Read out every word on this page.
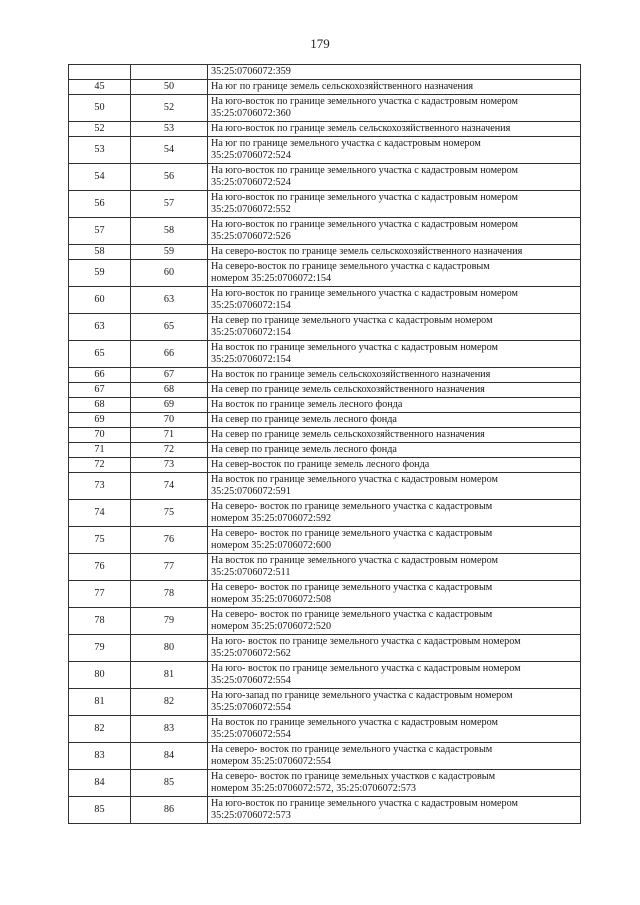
179
		35:25:0706072:359
45	50	На юг по границе земель сельскохозяйственного назначения
50	52	На юго-восток по границе земельного участка с кадастровым номером
35:25:0706072:360
52	53	На юго-восток по границе земель сельскохозяйственного назначения
53	54	На юг по границе земельного участка с кадастровым номером
35:25:0706072:524
54	56	На юго-восток по границе земельного участка с кадастровым номером
35:25:0706072:524
56	57	На юго-восток по границе земельного участка с кадастровым номером
35:25:0706072:552
57	58	На юго-восток по границе земельного участка с кадастровым номером
35:25:0706072:526
58	59	На северо-восток по границе земель сельскохозяйственного назначения
59	60	На северо-восток по границе земельного участка с кадастровым
номером 35:25:0706072:154
60	63	На юго-восток по границе земельного участка с кадастровым номером
35:25:0706072:154
63	65	На север по границе земельного участка с кадастровым номером
35:25:0706072:154
65	66	На восток по границе земельного участка с кадастровым номером
35:25:0706072:154
66	67	На восток по границе земель сельскохозяйственного назначения
67	68	На север по границе земель сельскохозяйственного назначения
68	69	На восток по границе земель лесного фонда
69	70	На север по границе земель лесного фонда
70	71	На север по границе земель сельскохозяйственного назначения
71	72	На север по границе земель лесного фонда
72	73	На север-восток по границе земель лесного фонда
73	74	На восток по границе земельного участка с кадастровым номером
35:25:0706072:591
74	75	На северо- восток по границе земельного участка с кадастровым
номером 35:25:0706072:592
75	76	На северо- восток по границе земельного участка с кадастровым
номером 35:25:0706072:600
76	77	На восток по границе земельного участка с кадастровым номером
35:25:0706072:511
77	78	На северо- восток по границе земельного участка с кадастровым
номером 35:25:0706072:508
78	79	На северо- восток по границе земельного участка с кадастровым
номером 35:25:0706072:520
79	80	На юго- восток по границе земельного участка с кадастровым номером
35:25:0706072:562
80	81	На юго- восток по границе земельного участка с кадастровым номером
35:25:0706072:554
81	82	На юго-запад по границе земельного участка с кадастровым номером
35:25:0706072:554
82	83	На восток по границе земельного участка с кадастровым номером
35:25:0706072:554
83	84	На северо- восток по границе земельного участка с кадастровым
номером 35:25:0706072:554
84	85	На северо- восток по границе земельных участков с кадастровым
номером 35:25:0706072:572, 35:25:0706072:573
85	86	На юго-восток по границе земельного участка с кадастровым номером
35:25:0706072:573
